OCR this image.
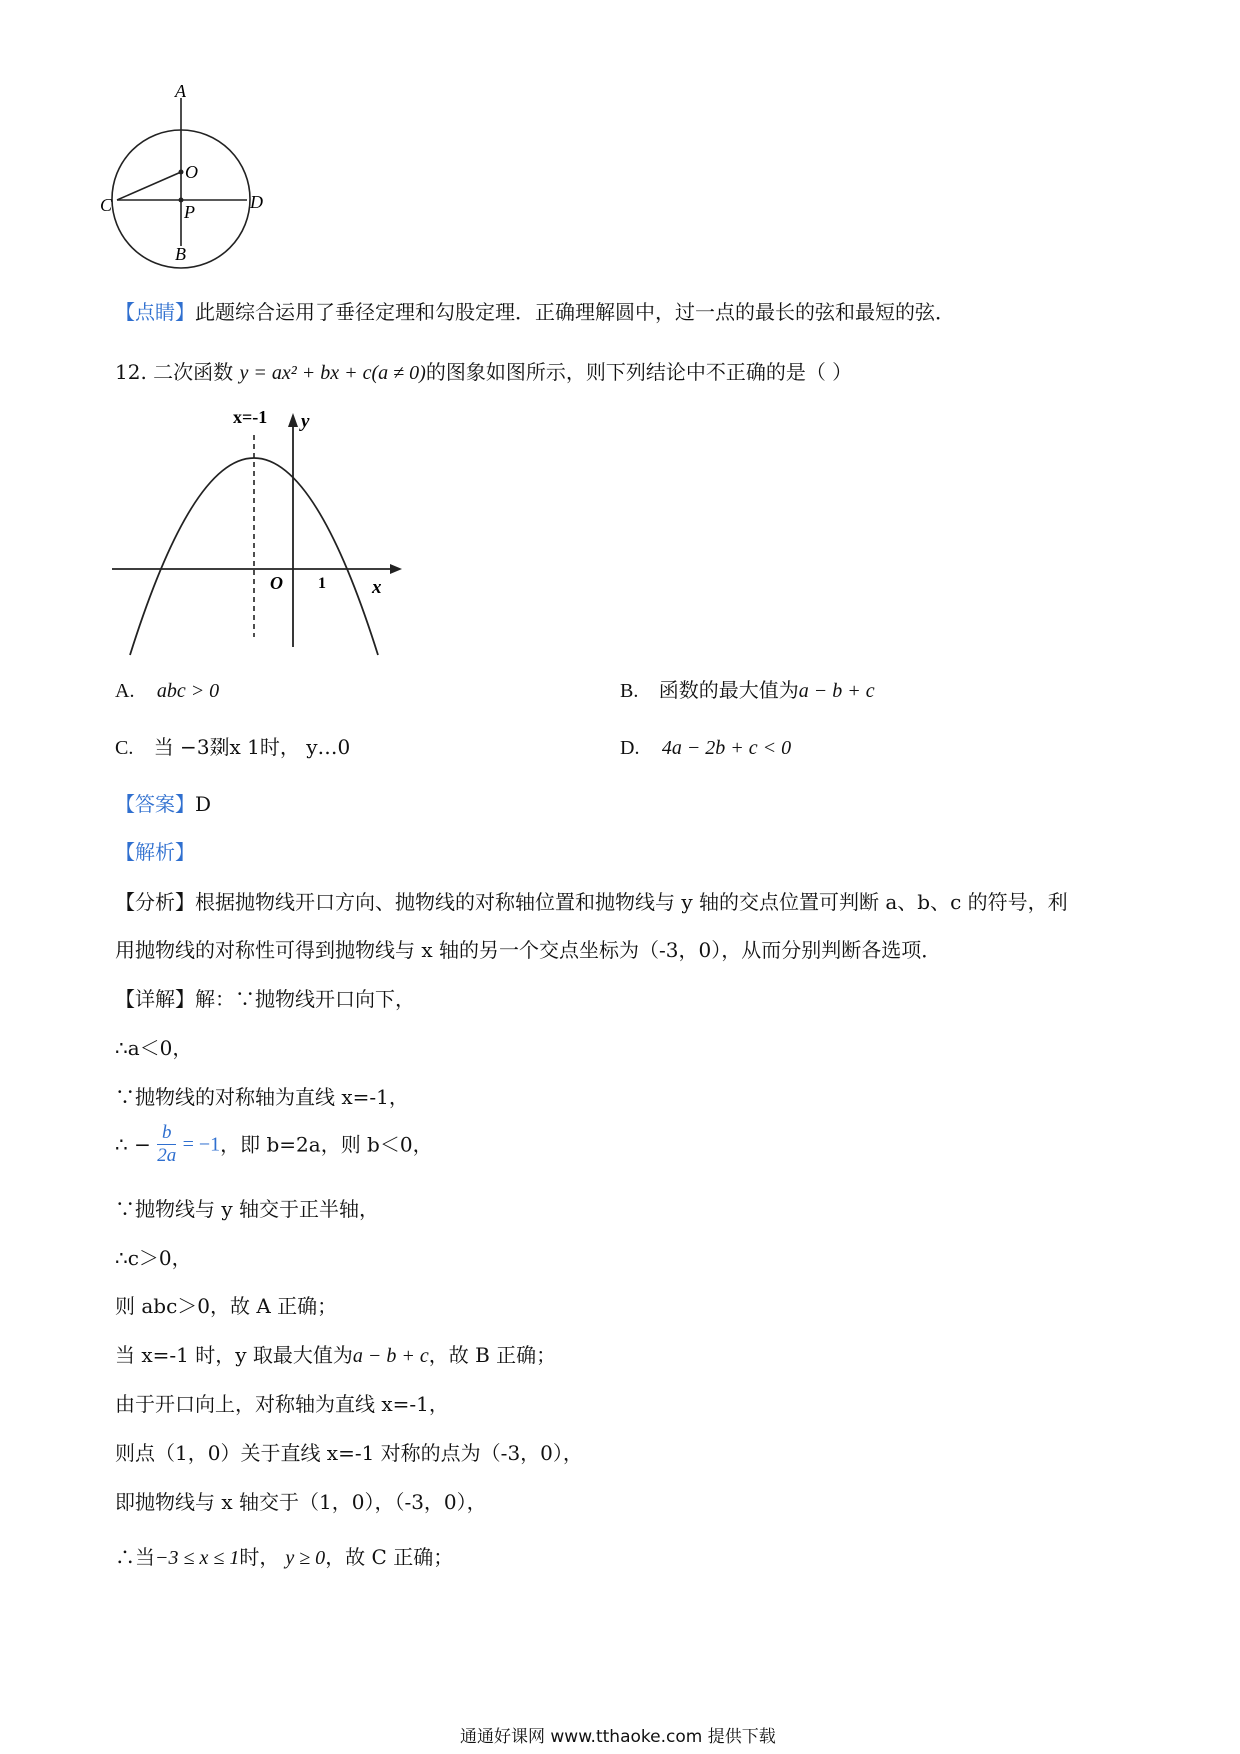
A
B
C	D
O
P
【点睛】此题综合运用了垂径定理和勾股定理．正确理解圆中，过一点的最长的弦和最短的弦．
12. 二次函数 y = ax² + bx + c(a ≠ 0)的图象如图所示，则下列结论中不正确的是（ ）
x=-1 y
x
O 1
A. abc > 0	B. 函数的最大值为a − b + c
C. 当 −3剟x 1时， y…0	D. 4a − 2b + c < 0
【答案】D
【解析】
【分析】根据抛物线开口方向、抛物线的对称轴位置和抛物线与 y 轴的交点位置可判断 a、b、c 的符号，利
用抛物线的对称性可得到抛物线与 x 轴的另一个交点坐标为（-3，0），从而分别判断各选项．
【详解】解：∵抛物线开口向下，
∴a＜0，
∵抛物线的对称轴为直线 x=-1，
∴ − $\frac{b}{2a} = -1$，即 b=2a，则 b＜0，
∵抛物线与 y 轴交于正半轴，
∴c＞0，
则 abc＞0，故 A 正确；
当 x=-1 时，y 取最大值为a − b + c，故 B 正确；
由于开口向上，对称轴为直线 x=-1，
则点（1，0）关于直线 x=-1 对称的点为（-3，0），
即抛物线与 x 轴交于（1，0），（-3，0），
∴当−3 ≤ x ≤ 1时， y ≥ 0，故 C 正确；
通通好课网 www.tthaoke.com 提供下载
